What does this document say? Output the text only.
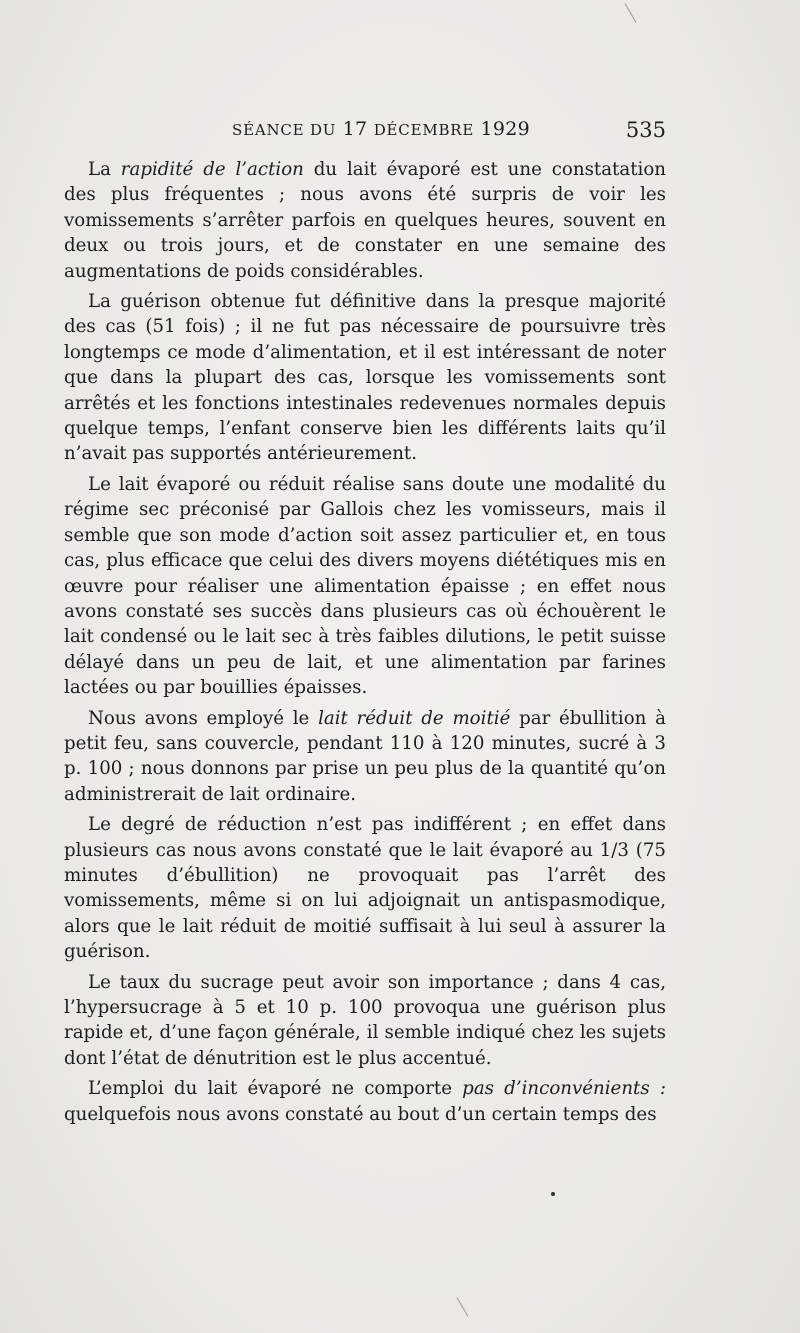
SÉANCE DU 17 DÉCEMBRE 1929	535

La rapidité de l’action du lait évaporé est une constatation des plus fréquentes ; nous avons été surpris de voir les vomissements s’arrêter parfois en quelques heures, souvent en deux ou trois jours, et de constater en une semaine des augmentations de poids considérables.

La guérison obtenue fut définitive dans la presque majorité des cas (51 fois) ; il ne fut pas nécessaire de poursuivre très longtemps ce mode d’alimentation, et il est intéressant de noter que dans la plupart des cas, lorsque les vomissements sont arrêtés et les fonctions intestinales redevenues normales depuis quelque temps, l’enfant conserve bien les différents laits qu’il n’avait pas supportés antérieurement.

Le lait évaporé ou réduit réalise sans doute une modalité du régime sec préconisé par Gallois chez les vomisseurs, mais il semble que son mode d’action soit assez particulier et, en tous cas, plus efficace que celui des divers moyens diététiques mis en œuvre pour réaliser une alimentation épaisse ; en effet nous avons constaté ses succès dans plusieurs cas où échouèrent le lait condensé ou le lait sec à très faibles dilutions, le petit suisse délayé dans un peu de lait, et une alimentation par farines lactées ou par bouillies épaisses.

Nous avons employé le lait réduit de moitié par ébullition à petit feu, sans couvercle, pendant 110 à 120 minutes, sucré à 3 p. 100 ; nous donnons par prise un peu plus de la quantité qu’on administrerait de lait ordinaire.

Le degré de réduction n’est pas indifférent ; en effet dans plusieurs cas nous avons constaté que le lait évaporé au 1/3 (75 minutes d’ébullition) ne provoquait pas l’arrêt des vomissements, même si on lui adjoignait un antispasmodique, alors que le lait réduit de moitié suffisait à lui seul à assurer la guérison.

Le taux du sucrage peut avoir son importance ; dans 4 cas, l’hypersucrage à 5 et 10 p. 100 provoqua une guérison plus rapide et, d’une façon générale, il semble indiqué chez les sujets dont l’état de dénutrition est le plus accentué.

L’emploi du lait évaporé ne comporte pas d’inconvénients : quelquefois nous avons constaté au bout d’un certain temps des
